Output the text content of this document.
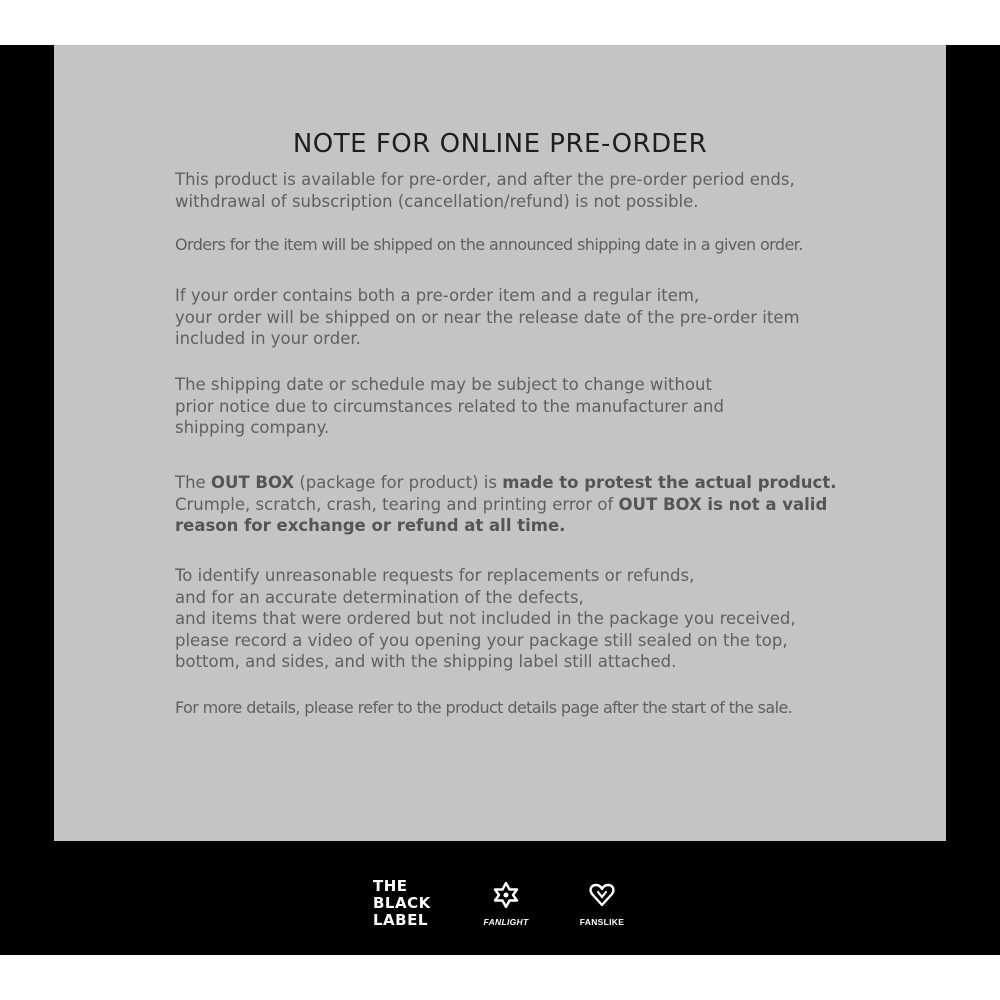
NOTE FOR ONLINE PRE-ORDER

This product is available for pre-order, and after the pre-order period ends,
withdrawal of subscription (cancellation/refund) is not possible.

Orders for the item will be shipped on the announced shipping date in a given order.

If your order contains both a pre-order item and a regular item,
your order will be shipped on or near the release date of the pre-order item
included in your order.

The shipping date or schedule may be subject to change without
prior notice due to circumstances related to the manufacturer and
shipping company.

The OUT BOX (package for product) is made to protest the actual product.
Crumple, scratch, crash, tearing and printing error of OUT BOX is not a valid
reason for exchange or refund at all time.

To identify unreasonable requests for replacements or refunds,
and for an accurate determination of the defects,
and items that were ordered but not included in the package you received,
please record a video of you opening your package still sealed on the top,
bottom, and sides, and with the shipping label still attached.

For more details, please refer to the product details page after the start of the sale.

THE
BLACK
LABEL	FANLIGHT	FANSLIKE
